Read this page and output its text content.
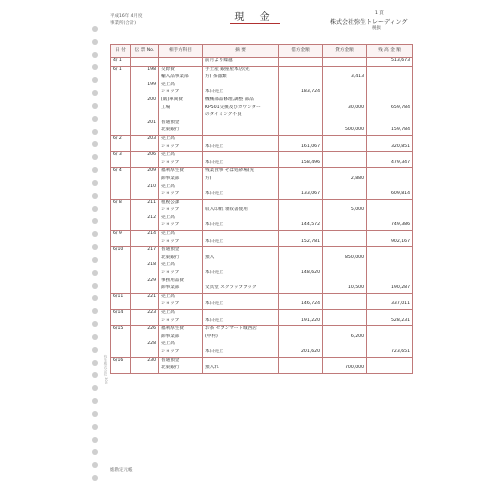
平成16年 4月度
事業所(合計)
現 金	1 頁
株式会社弥生トレーディング
税抜
日 付	伝 票 No.	相手方科目	摘 要	借方金額	貸方金額	残 高 金 額
4/ 1			前月より繰越			513,673
6/ 1	198	交際費	手土産 銀座屋本店(先			
		輸入品事業部	方) 茶器類		3,413	
	199	売上高				
		ショップ	本日売上	183,724		
	200	[販]車両費	機械部品修理,調整 部品			
		工場	KP501交換及びカウンター		30,000	659,784
			のタイミング不良			
	201	普通預金				
		北東銀行			500,000	159,784
6/ 2	203	売上高				
		ショップ	本日売上	161,067		320,851
6/ 3	206	売上高				
		ショップ	本日売上	158,496		479,347
6/ 4	209	福利厚生費	残業食事 そば処砂場(先			
		卸事業部	方)		2,880	
	210	売上高				
		ショップ	本日売上	133,067		609,814
6/ 8	211	租税公課				
		ショップ	収入印紙 領収書使用		5,000	
	212	売上高				
		ショップ	本日売上	144,572		749,386
6/ 9	214	売上高				
		ショップ	本日売上	152,781		902,167
6/10	217	普通預金				
		北東銀行	預入		850,000	
	218	売上高				
		ショップ	本日売上	148,620		
	229	事務用品費				
		卸事業部	文具堂 スクラップブック		10,500	190,287
6/11	221	売上高				
		ショップ	本日売上	146,724		337,011
6/14	223	売上高				
		ショップ	本日売上	191,220		528,231
6/15	226	福利厚生費	お茶 セブンマート城西店			
		卸事業部	(中村)		6,200	
	228	売上高				
		ショップ	本日売上	201,620		723,651
6/16	230	普通預金				
		北東銀行	預入れ		700,000	
弥生株式会社 304
総勘定元帳
